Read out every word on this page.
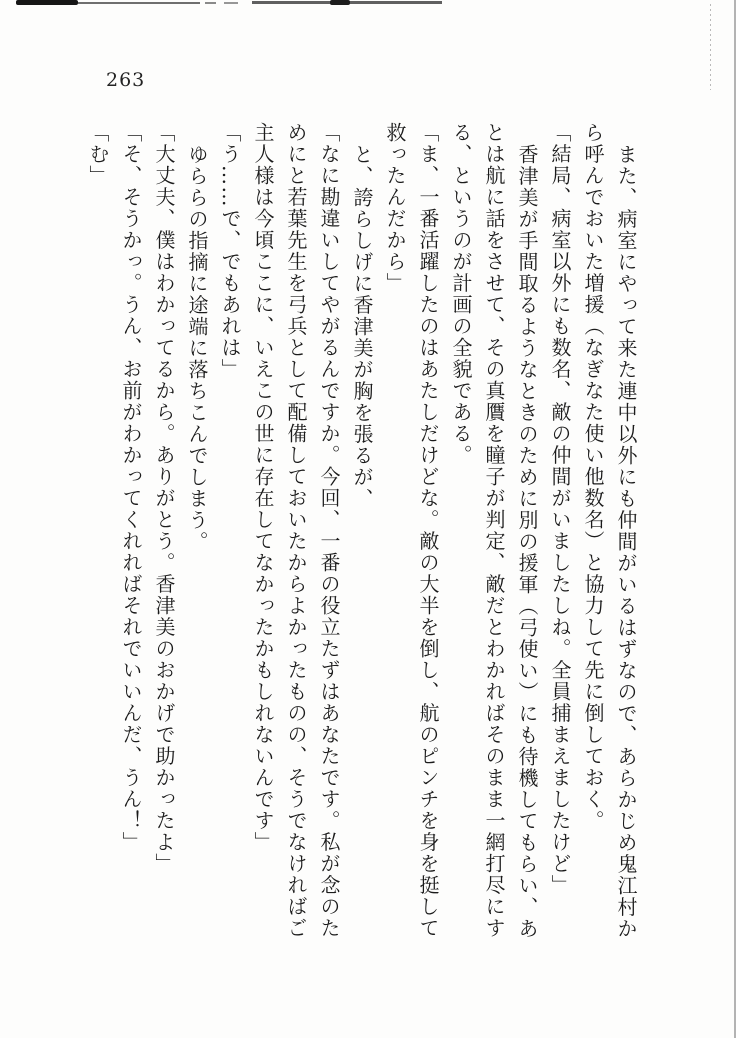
263

また、病室にやって来た連中以外にも仲間がいるはずなので、あらかじめ鬼江村から呼んでおいた増援（なぎなた使い他数名）と協力して先に倒しておく。

「結局、病室以外にも数名、敵の仲間がいましたしね。全員捕まえましたけど」

香津美が手間取るようなときのために別の援軍（弓使い）にも待機してもらい、あとは航に話をさせて、その真贋を瞳子が判定、敵だとわかればそのまま一網打尽にする、というのが計画の全貌である。

「ま、一番活躍したのはあたしだけどな。敵の大半を倒し、航のピンチを身を挺して救ったんだから」

と、誇らしげに香津美が胸を張るが、

「なに勘違いしてやがるんですか。今回、一番の役立たずはあなたです。私が念のためにと若葉先生を弓兵として配備しておいたからよかったものの、そうでなければご主人様は今頃ここに、いえこの世に存在してなかったかもしれないんです」

「う……で、でもあれは」

ゆららの指摘に途端に落ちこんでしまう。

「大丈夫、僕はわかってるから。ありがとう。香津美のおかげで助かったよ」

「そ、そうかっ。うん、お前がわかってくれればそれでいいんだ、うん！」

「む」
